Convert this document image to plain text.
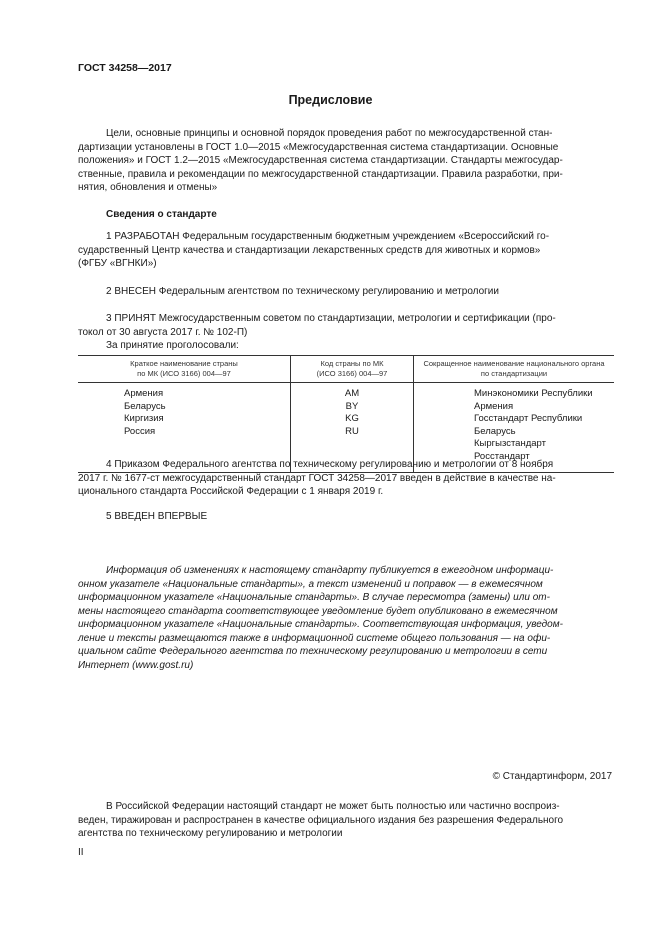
ГОСТ 34258—2017
Предисловие
Цели, основные принципы и основной порядок проведения работ по межгосударственной стан-
дартизации установлены в ГОСТ 1.0—2015 «Межгосударственная система стандартизации. Основные
положения» и ГОСТ 1.2—2015 «Межгосударственная система стандартизации. Стандарты межгосудар-
ственные, правила и рекомендации по межгосударственной стандартизации. Правила разработки, при-
нятия, обновления и отмены»
Сведения о стандарте
1 РАЗРАБОТАН Федеральным государственным бюджетным учреждением «Всероссийский го-
сударственный Центр качества и стандартизации лекарственных средств для животных и кормов»
(ФГБУ «ВГНКИ»)
2 ВНЕСЕН Федеральным агентством по техническому регулированию и метрологии
3 ПРИНЯТ Межгосударственным советом по стандартизации, метрологии и сертификации (про-
токол от 30 августа 2017 г. № 102-П)
За принятие проголосовали:
Краткое наименование страны
по МК (ИСО 3166) 004—97
Код страны по МК
(ИСО 3166) 004—97
Сокращенное наименование национального органа
по стандартизации
Армения
Беларусь
Киргизия
Россия
AM
BY
KG
RU
Минэкономики Республики Армения
Госстандарт Республики Беларусь
Кыргызстандарт
Росстандарт
4 Приказом Федерального агентства по техническому регулированию и метрологии от 8 ноября
2017 г. № 1677-ст межгосударственный стандарт ГОСТ 34258—2017 введен в действие в качестве на-
ционального стандарта Российской Федерации с 1 января 2019 г.
5 ВВЕДЕН ВПЕРВЫЕ
Информация об изменениях к настоящему стандарту публикуется в ежегодном информаци-
онном указателе «Национальные стандарты», а текст изменений и поправок — в ежемесячном
информационном указателе «Национальные стандарты». В случае пересмотра (замены) или от-
мены настоящего стандарта соответствующее уведомление будет опубликовано в ежемесячном
информационном указателе «Национальные стандарты». Соответствующая информация, уведом-
ление и тексты размещаются также в информационной системе общего пользования — на офи-
циальном сайте Федерального агентства по техническому регулированию и метрологии в сети
Интернет (www.gost.ru)
© Стандартинформ, 2017
В Российской Федерации настоящий стандарт не может быть полностью или частично воспроиз-
веден, тиражирован и распространен в качестве официального издания без разрешения Федерального
агентства по техническому регулированию и метрологии
II
